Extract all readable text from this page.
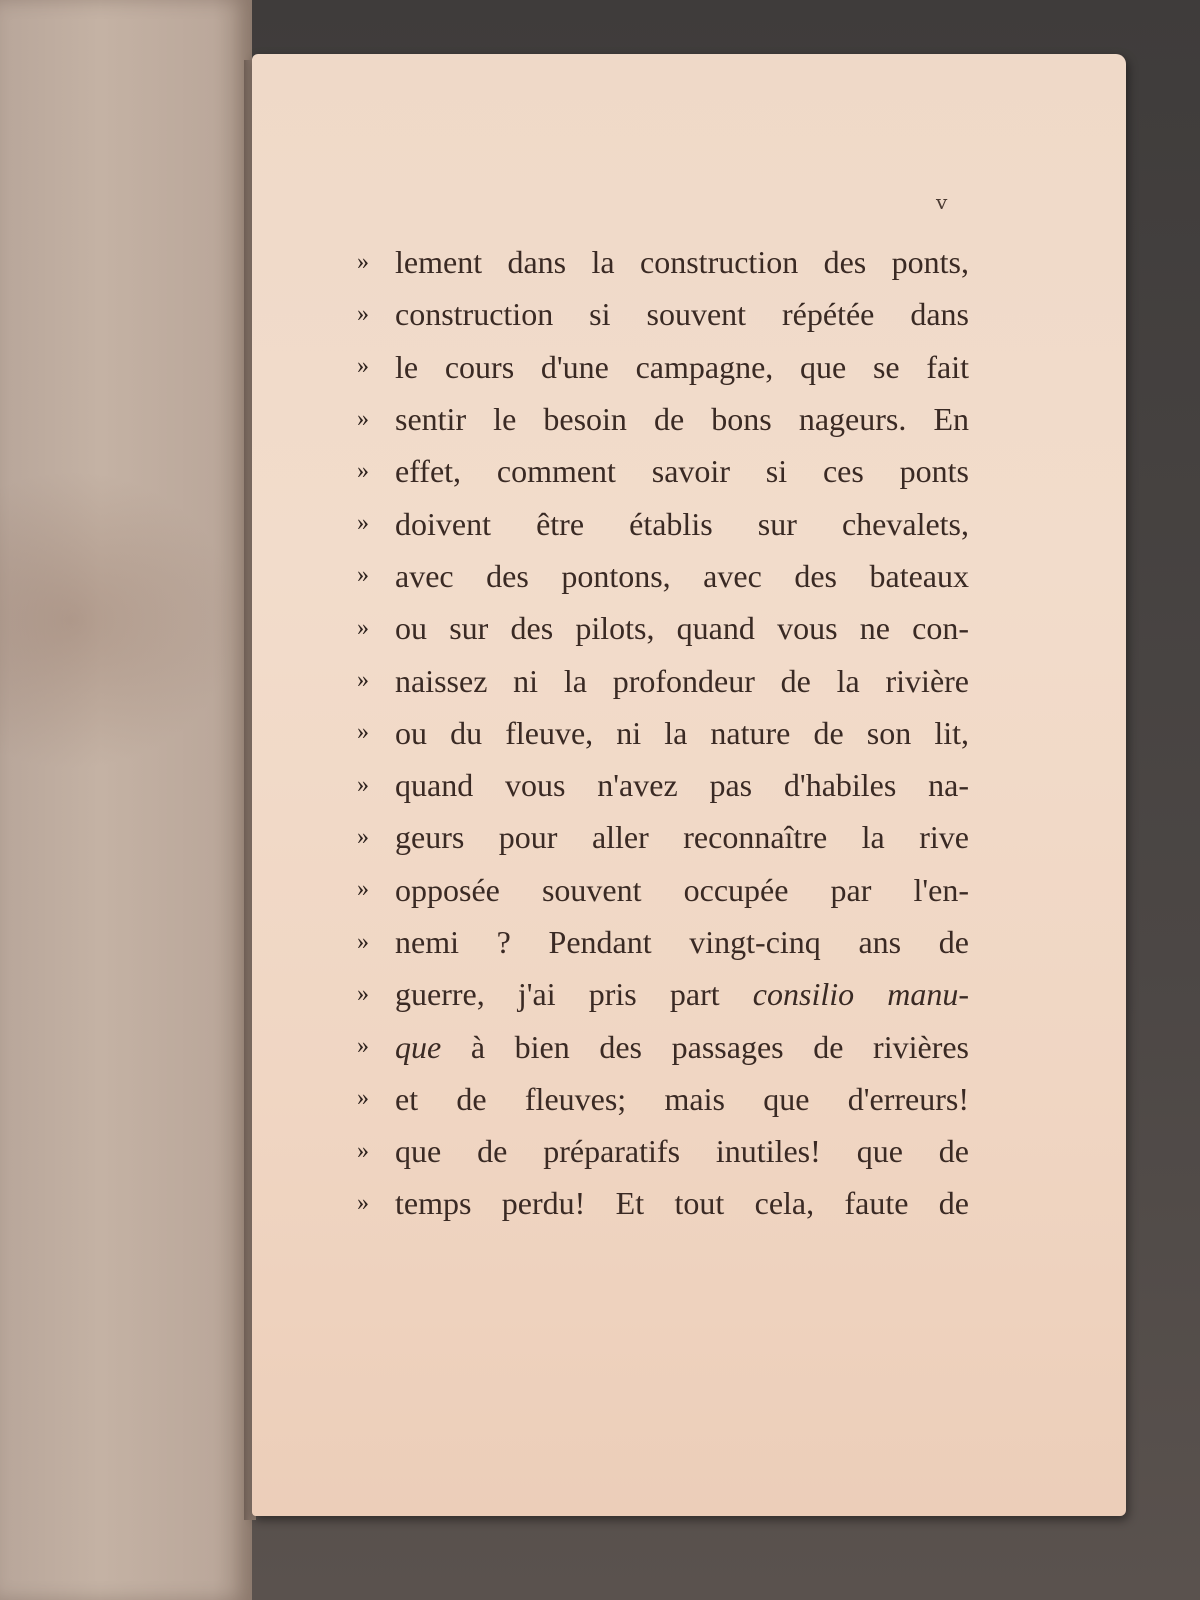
v
» lement dans la construction des ponts,
» construction si souvent répétée dans
» le cours d'une campagne, que se fait
» sentir le besoin de bons nageurs. En
» effet, comment savoir si ces ponts
» doivent être établis sur chevalets,
» avec des pontons, avec des bateaux
» ou sur des pilots, quand vous ne con-
» naissez ni la profondeur de la rivière
» ou du fleuve, ni la nature de son lit,
» quand vous n'avez pas d'habiles na-
» geurs pour aller reconnaître la rive
» opposée souvent occupée par l'en-
» nemi ? Pendant vingt-cinq ans de
» guerre, j'ai pris part consilio manu-
» que à bien des passages de rivières
» et de fleuves; mais que d'erreurs!
» que de préparatifs inutiles! que de
» temps perdu! Et tout cela, faute de
